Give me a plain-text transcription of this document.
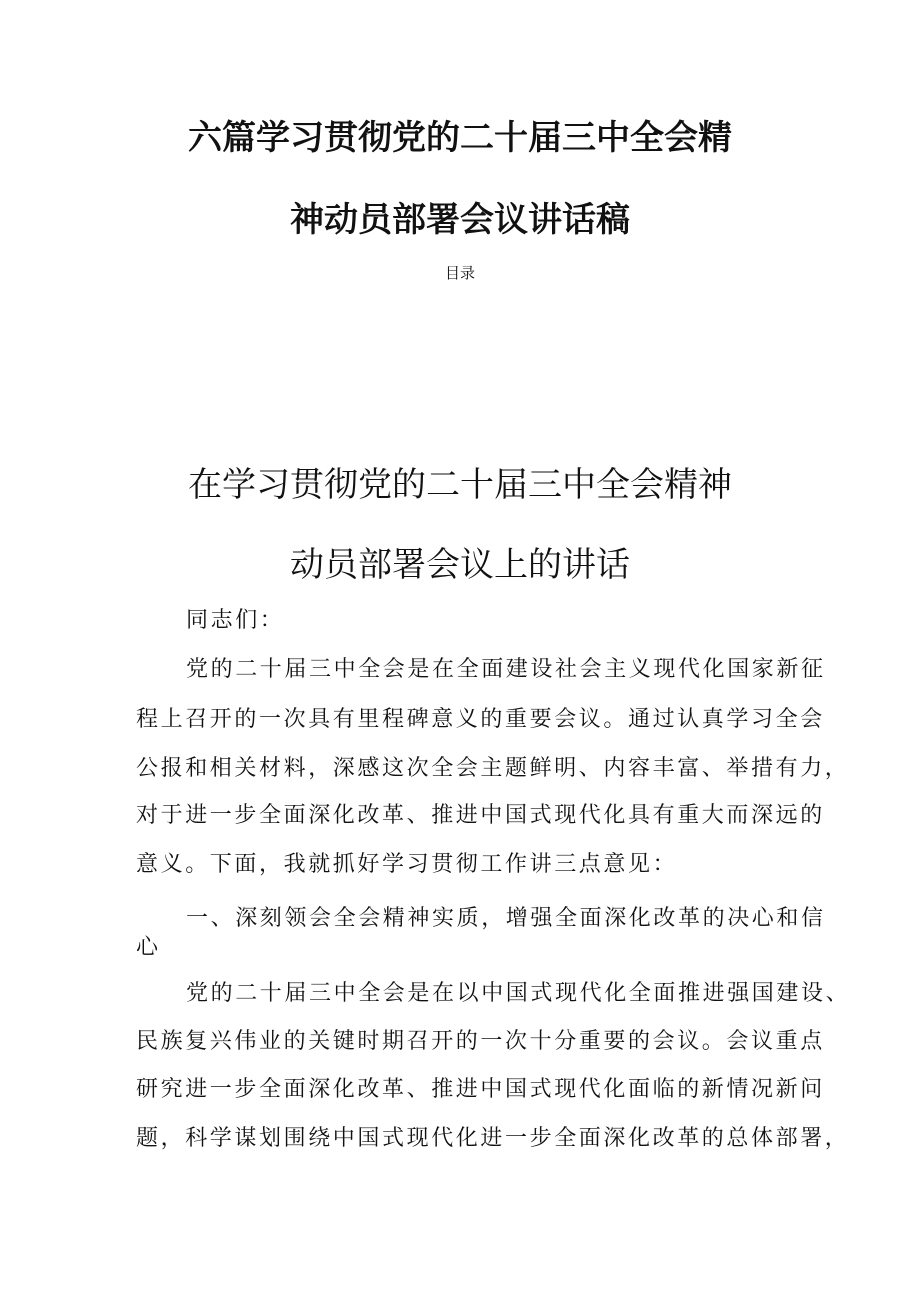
六篇学习贯彻党的二十届三中全会精
神动员部署会议讲话稿
目录
在学习贯彻党的二十届三中全会精神
动员部署会议上的讲话
同志们：
党的二十届三中全会是在全面建设社会主义现代化国家新征
程上召开的一次具有里程碑意义的重要会议。通过认真学习全会
公报和相关材料，深感这次全会主题鲜明、内容丰富、举措有力，
对于进一步全面深化改革、推进中国式现代化具有重大而深远的
意义。下面，我就抓好学习贯彻工作讲三点意见：
一、深刻领会全会精神实质，增强全面深化改革的决心和信
心
党的二十届三中全会是在以中国式现代化全面推进强国建设、
民族复兴伟业的关键时期召开的一次十分重要的会议。会议重点
研究进一步全面深化改革、推进中国式现代化面临的新情况新问
题，科学谋划围绕中国式现代化进一步全面深化改革的总体部署，
